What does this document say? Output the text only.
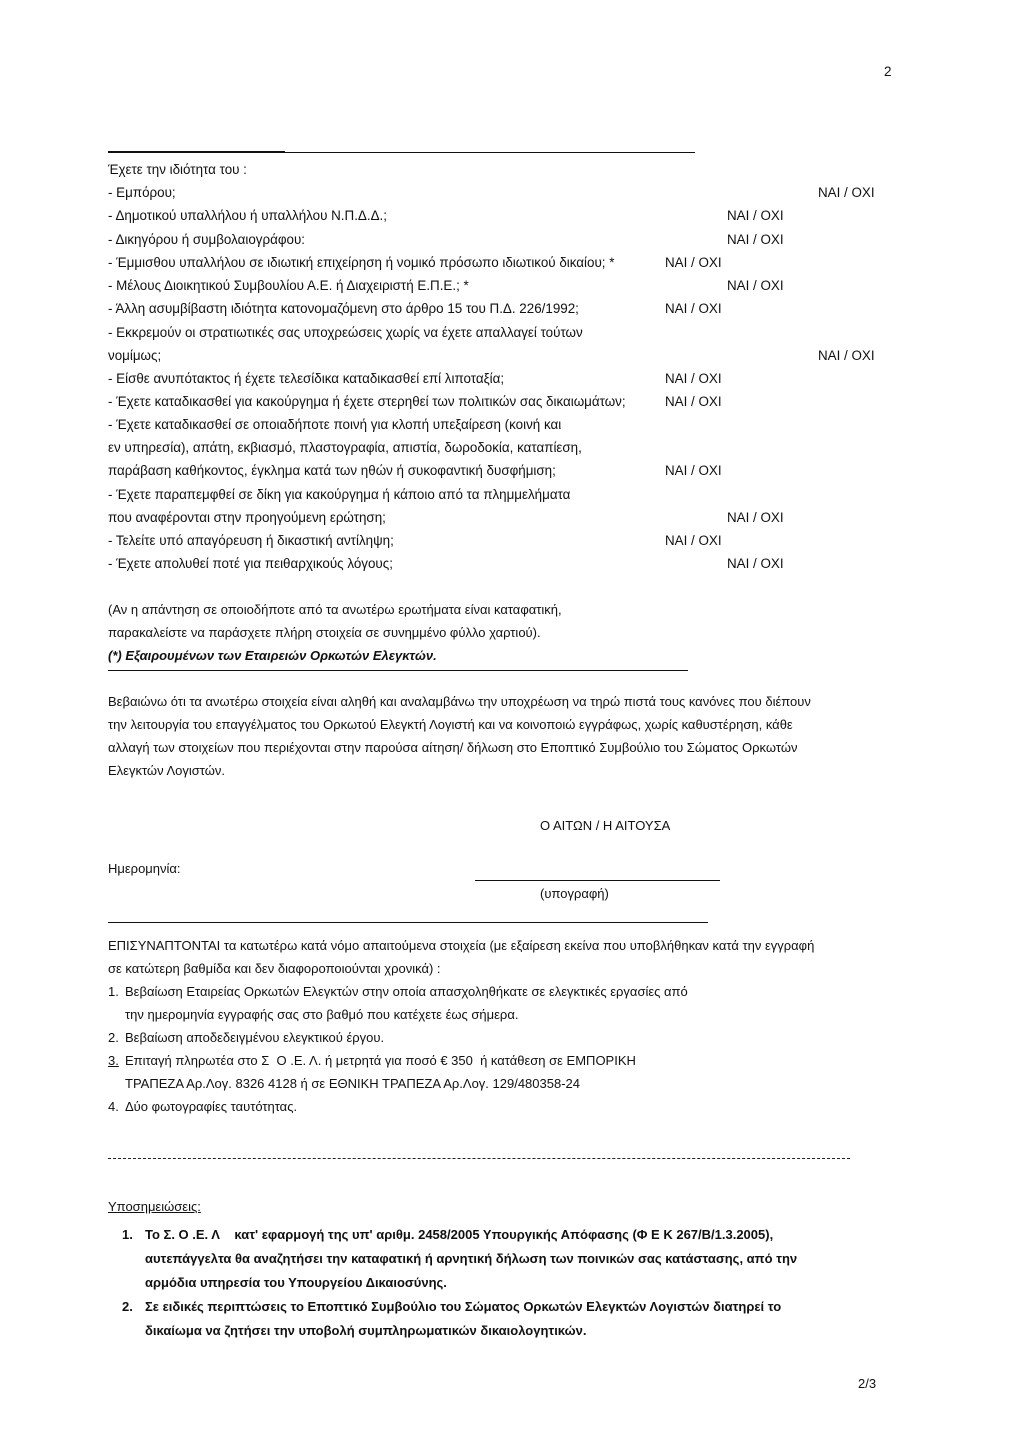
2
Έχετε την ιδιότητα του :
- Εμπόρου;	ΝΑΙ / ΟΧΙ
- Δημοτικού υπαλλήλου ή υπαλλήλου Ν.Π.Δ.Δ.;	ΝΑΙ / ΟΧΙ
- Δικηγόρου ή συμβολαιογράφου:	ΝΑΙ / ΟΧΙ
- Έμμισθου υπαλλήλου σε ιδιωτική επιχείρηση ή νομικό πρόσωπο ιδιωτικού δικαίου; *	ΝΑΙ / ΟΧΙ
- Μέλους Διοικητικού Συμβουλίου Α.Ε. ή Διαχειριστή Ε.Π.Ε.; *	ΝΑΙ / ΟΧΙ
- Άλλη ασυμβίβαστη ιδιότητα κατονομαζόμενη στο άρθρο 15 του Π.Δ. 226/1992;	ΝΑΙ / ΟΧΙ
- Εκκρεμούν οι στρατιωτικές σας υποχρεώσεις χωρίς να έχετε απαλλαγεί τούτων
νομίμως;	ΝΑΙ / ΟΧΙ
- Είσθε ανυπότακτος ή έχετε τελεσίδικα καταδικασθεί επί λιποταξία;	ΝΑΙ / ΟΧΙ
- Έχετε καταδικασθεί για κακούργημα ή έχετε στερηθεί των πολιτικών σας δικαιωμάτων;	ΝΑΙ / ΟΧΙ
- Έχετε καταδικασθεί σε οποιαδήποτε ποινή για κλοπή υπεξαίρεση (κοινή και
εν υπηρεσία), απάτη, εκβιασμό, πλαστογραφία, απιστία, δωροδοκία, καταπίεση,
παράβαση καθήκοντος, έγκλημα κατά των ηθών ή συκοφαντική δυσφήμιση;	ΝΑΙ / ΟΧΙ
- Έχετε παραπεμφθεί σε δίκη για κακούργημα ή κάποιο από τα πλημμελήματα
που αναφέρονται στην προηγούμενη ερώτηση;	ΝΑΙ / ΟΧΙ
- Τελείτε υπό απαγόρευση ή δικαστική αντίληψη;	ΝΑΙ / ΟΧΙ
- Έχετε απολυθεί ποτέ για πειθαρχικούς λόγους;	ΝΑΙ / ΟΧΙ
(Αν η απάντηση σε οποιοδήποτε από τα ανωτέρω ερωτήματα είναι καταφατική,
παρακαλείστε να παράσχετε πλήρη στοιχεία σε συνημμένο φύλλο χαρτιού).
(*) Εξαιρουμένων των Εταιρειών Ορκωτών Ελεγκτών.
Βεβαιώνω ότι τα ανωτέρω στοιχεία είναι αληθή και αναλαμβάνω την υποχρέωση να τηρώ πιστά τους κανόνες που διέπουν
την λειτουργία του επαγγέλματος του Ορκωτού Ελεγκτή Λογιστή και να κοινοποιώ εγγράφως, χωρίς καθυστέρηση, κάθε
αλλαγή των στοιχείων που περιέχονται στην παρούσα αίτηση/ δήλωση στο Εποπτικό Συμβούλιο του Σώματος Ορκωτών
Ελεγκτών Λογιστών.
Ο ΑΙΤΩΝ / Η ΑΙΤΟΥΣΑ
Ημερομηνία:
(υπογραφή)
ΕΠΙΣΥΝΑΠΤΟΝΤΑΙ τα κατωτέρω κατά νόμο απαιτούμενα στοιχεία (με εξαίρεση εκείνα που υποβλήθηκαν κατά την εγγραφή
σε κατώτερη βαθμίδα και δεν διαφοροποιούνται χρονικά) :
1. Βεβαίωση Εταιρείας Ορκωτών Ελεγκτών στην οποία απασχοληθήκατε σε ελεγκτικές εργασίες από
την ημερομηνία εγγραφής σας στο βαθμό που κατέχετε έως σήμερα.
2. Βεβαίωση αποδεδειγμένου ελεγκτικού έργου.
3. Επιταγή πληρωτέα στο Σ  Ο .Ε. Λ. ή μετρητά για ποσό € 350  ή κατάθεση σε ΕΜΠΟΡΙΚΗ
ΤΡΑΠΕΖΑ Αρ.Λογ. 8326 4128 ή σε ΕΘΝΙΚΗ ΤΡΑΠΕΖΑ Αρ.Λογ. 129/480358-24
4. Δύο φωτογραφίες ταυτότητας.
Υποσημειώσεις:
1. Το Σ. Ο .Ε. Λ    κατ' εφαρμογή της υπ' αριθμ. 2458/2005 Υπουργικής Απόφασης (Φ Ε Κ 267/Β/1.3.2005),
αυτεπάγγελτα θα αναζητήσει την καταφατική ή αρνητική δήλωση των ποινικών σας κατάστασης, από την
αρμόδια υπηρεσία του Υπουργείου Δικαιοσύνης.
2. Σε ειδικές περιπτώσεις το Εποπτικό Συμβούλιο του Σώματος Ορκωτών Ελεγκτών Λογιστών διατηρεί το
δικαίωμα να ζητήσει την υποβολή συμπληρωματικών δικαιολογητικών.
2/3
